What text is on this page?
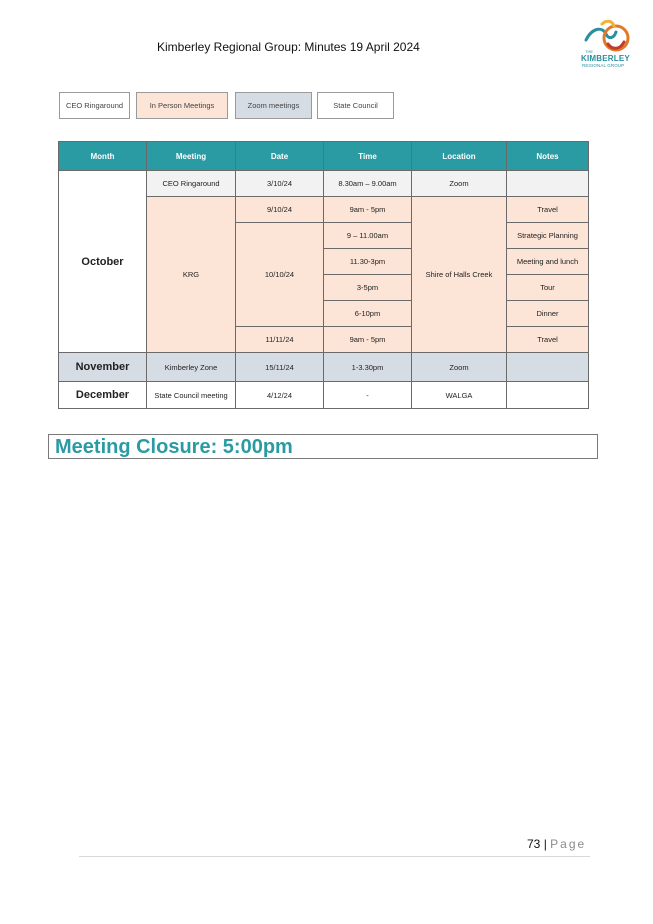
Kimberley Regional Group: Minutes 19 April 2024	THE
KIMBERLEY
REGIONAL GROUP
CEO Ringaround	In Person Meetings	Zoom meetings	State Council
Month	Meeting	Date	Time	Location	Notes
October	CEO Ringaround	3/10/24	8.30am – 9.00am	Zoom	
	KRG	9/10/24	9am - 5pm	Shire of Halls Creek	Travel
		10/10/24	9 – 11.00am		Strategic Planning
			11.30-3pm		Meeting and lunch
			3-5pm		Tour
			6-10pm		Dinner
		11/11/24	9am - 5pm		Travel
November	Kimberley Zone	15/11/24	1-3.30pm	Zoom	
December	State Council meeting	4/12/24	-	WALGA	
Meeting Closure: 5:00pm
73 | Page
